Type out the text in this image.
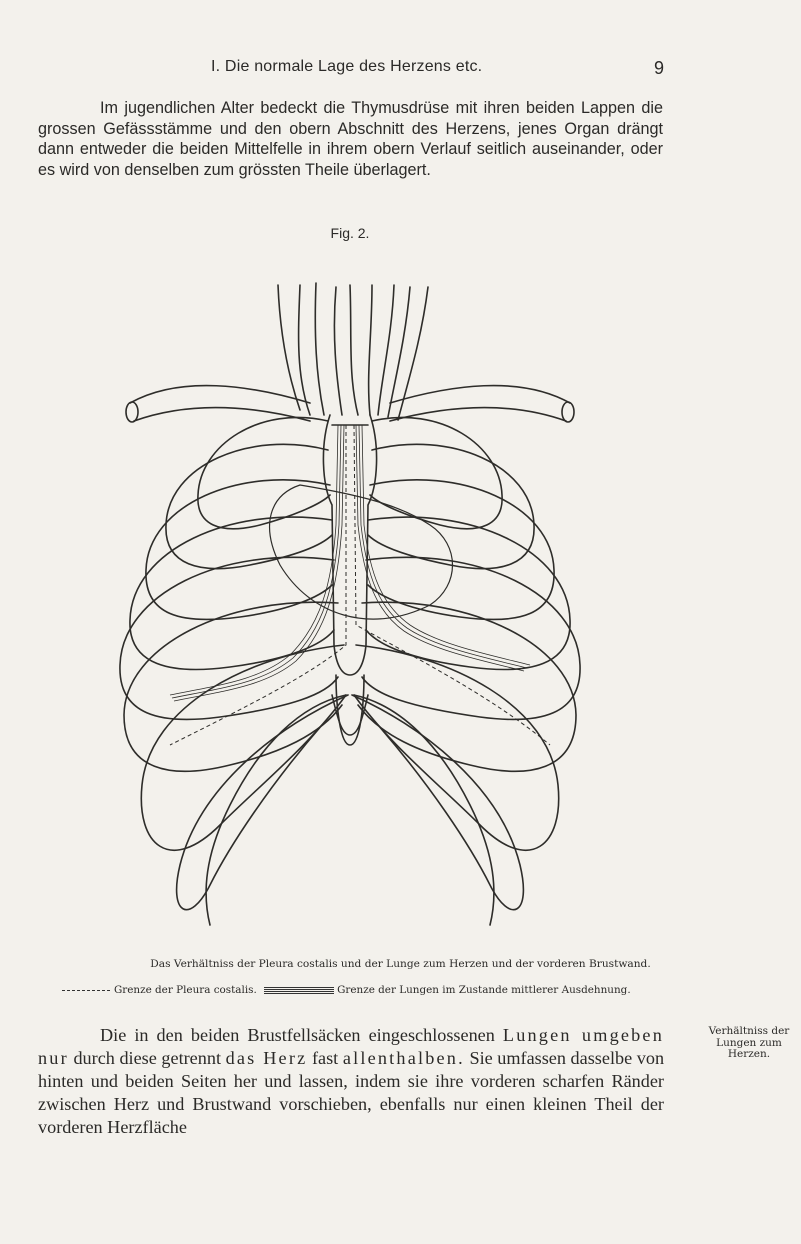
I. Die normale Lage des Herzens etc.	9

Im jugendlichen Alter bedeckt die Thymusdrüse mit ihren beiden Lappen die grossen Gefässstämme und den obern Abschnitt des Herzens, jenes Organ drängt dann entweder die beiden Mittelfelle in ihrem obern Verlauf seitlich auseinander, oder es wird von denselben zum grössten Theile überlagert.

Fig. 2.
Das Verhältniss der Pleura costalis und der Lunge zum Herzen und der vorderen Brustwand.
Grenze der Pleura costalis.	Grenze der Lungen im Zustande mittlerer Ausdehnung.

Die in den beiden Brustfellsäcken eingeschlossenen Lungen umgeben nur durch diese getrennt das Herz fast allenthalben. Sie umfassen dasselbe von hinten und beiden Seiten her und lassen, indem sie ihre vorderen scharfen Ränder zwischen Herz und Brustwand vorschieben, ebenfalls nur einen kleinen Theil der vorderen Herzfläche

Verhältniss der Lungen zum Herzen.
